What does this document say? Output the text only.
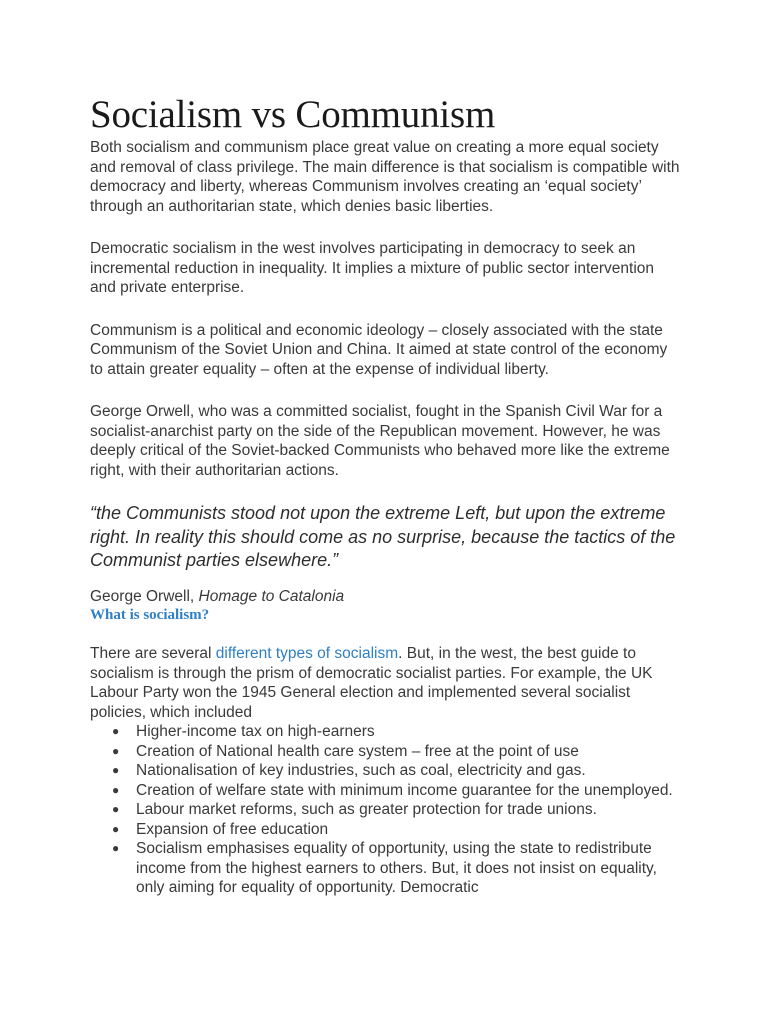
Socialism vs Communism

Both socialism and communism place great value on creating a more equal society and removal of class privilege. The main difference is that socialism is compatible with democracy and liberty, whereas Communism involves creating an ‘equal society’ through an authoritarian state, which denies basic liberties.

Democratic socialism in the west involves participating in democracy to seek an incremental reduction in inequality. It implies a mixture of public sector intervention and private enterprise.

Communism is a political and economic ideology – closely associated with the state Communism of the Soviet Union and China. It aimed at state control of the economy to attain greater equality – often at the expense of individual liberty.

George Orwell, who was a committed socialist, fought in the Spanish Civil War for a socialist-anarchist party on the side of the Republican movement. However, he was deeply critical of the Soviet-backed Communists who behaved more like the extreme right, with their authoritarian actions.

“the Communists stood not upon the extreme Left, but upon the extreme right. In reality this should come as no surprise, because the tactics of the Communist parties elsewhere.”

George Orwell, Homage to Catalonia

What is socialism?

There are several different types of socialism. But, in the west, the best guide to socialism is through the prism of democratic socialist parties. For example, the UK Labour Party won the 1945 General election and implemented several socialist policies, which included

● Higher-income tax on high-earners
● Creation of National health care system – free at the point of use
● Nationalisation of key industries, such as coal, electricity and gas.
● Creation of welfare state with minimum income guarantee for the unemployed.
● Labour market reforms, such as greater protection for trade unions.
● Expansion of free education
● Socialism emphasises equality of opportunity, using the state to redistribute income from the highest earners to others. But, it does not insist on equality, only aiming for equality of opportunity. Democratic
